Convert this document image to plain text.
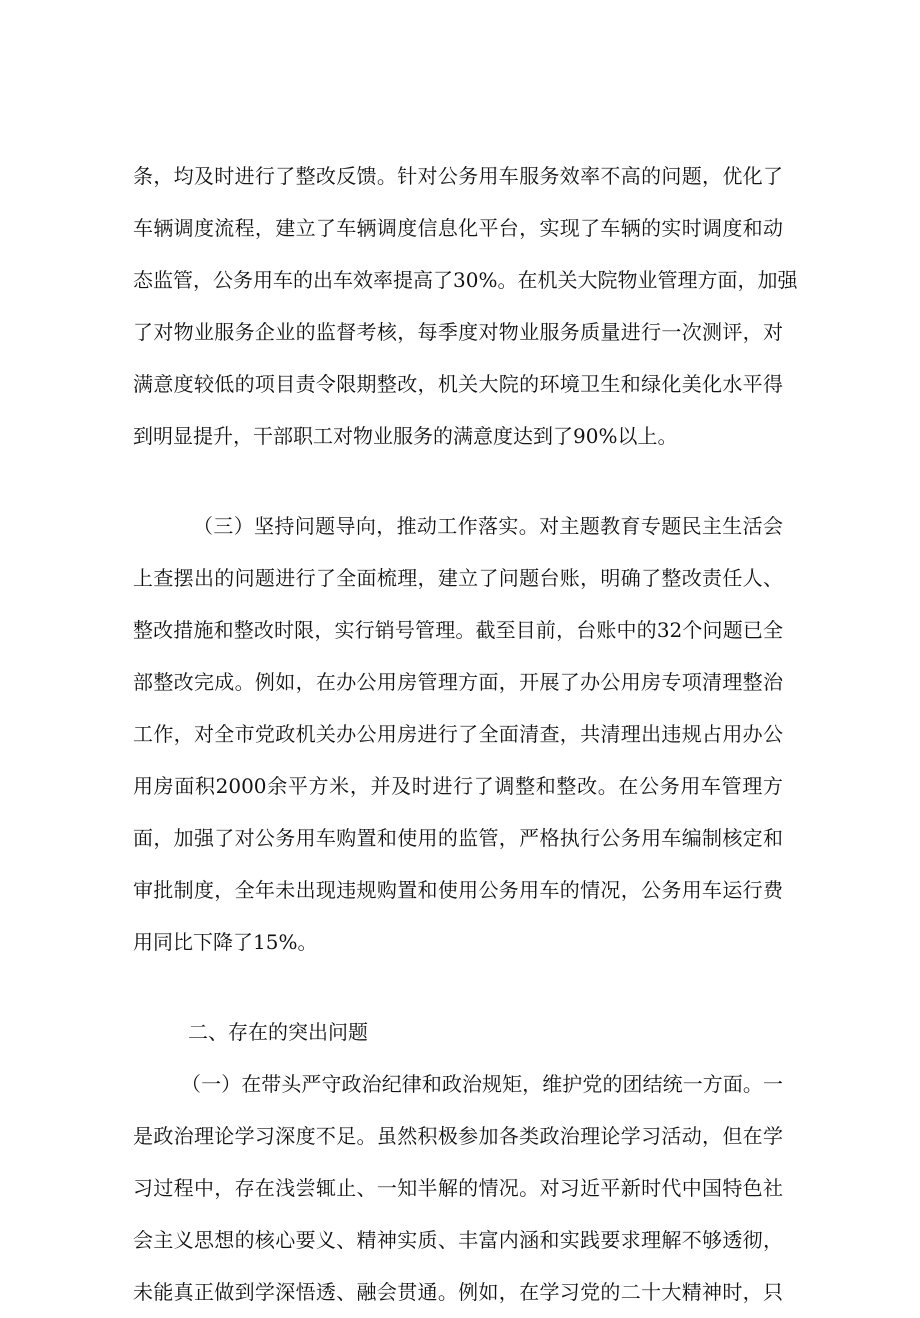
条，均及时进行了整改反馈。针对公务用车服务效率不高的问题，优化了
车辆调度流程，建立了车辆调度信息化平台，实现了车辆的实时调度和动
态监管，公务用车的出车效率提高了30%。在机关大院物业管理方面，加强
了对物业服务企业的监督考核，每季度对物业服务质量进行一次测评，对
满意度较低的项目责令限期整改，机关大院的环境卫生和绿化美化水平得
到明显提升，干部职工对物业服务的满意度达到了90%以上。
（三）坚持问题导向，推动工作落实。对主题教育专题民主生活会
上查摆出的问题进行了全面梳理，建立了问题台账，明确了整改责任人、
整改措施和整改时限，实行销号管理。截至目前，台账中的32个问题已全
部整改完成。例如，在办公用房管理方面，开展了办公用房专项清理整治
工作，对全市党政机关办公用房进行了全面清查，共清理出违规占用办公
用房面积2000余平方米，并及时进行了调整和整改。在公务用车管理方
面，加强了对公务用车购置和使用的监管，严格执行公务用车编制核定和
审批制度，全年未出现违规购置和使用公务用车的情况，公务用车运行费
用同比下降了15%。
二、存在的突出问题
（一）在带头严守政治纪律和政治规矩，维护党的团结统一方面。一
是政治理论学习深度不足。虽然积极参加各类政治理论学习活动，但在学
习过程中，存在浅尝辄止、一知半解的情况。对习近平新时代中国特色社
会主义思想的核心要义、精神实质、丰富内涵和实践要求理解不够透彻，
未能真正做到学深悟透、融会贯通。例如，在学习党的二十大精神时，只
